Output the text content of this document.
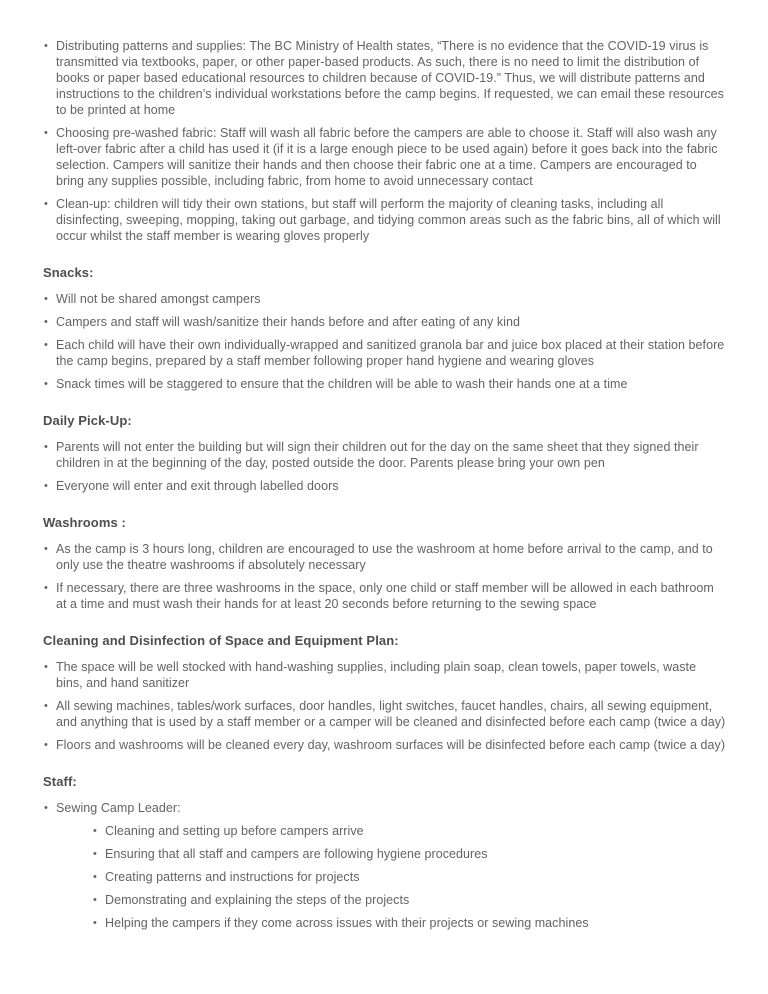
• Distributing patterns and supplies: The BC Ministry of Health states, “There is no evidence that the COVID-19 virus is transmitted via textbooks, paper, or other paper-based products. As such, there is no need to limit the distribution of books or paper based educational resources to children because of COVID-19.” Thus, we will distribute patterns and instructions to the children’s individual workstations before the camp begins. If requested, we can email these resources to be printed at home
• Choosing pre-washed fabric: Staff will wash all fabric before the campers are able to choose it. Staff will also wash any left-over fabric after a child has used it (if it is a large enough piece to be used again) before it goes back into the fabric selection. Campers will sanitize their hands and then choose their fabric one at a time. Campers are encouraged to bring any supplies possible, including fabric, from home to avoid unnecessary contact
• Clean-up: children will tidy their own stations, but staff will perform the majority of cleaning tasks, including all disinfecting, sweeping, mopping, taking out garbage, and tidying common areas such as the fabric bins, all of which will occur whilst the staff member is wearing gloves properly
Snacks:
• Will not be shared amongst campers
• Campers and staff will wash/sanitize their hands before and after eating of any kind
• Each child will have their own individually-wrapped and sanitized granola bar and juice box placed at their station before the camp begins, prepared by a staff member following proper hand hygiene and wearing gloves
• Snack times will be staggered to ensure that the children will be able to wash their hands one at a time
Daily Pick-Up:
• Parents will not enter the building but will sign their children out for the day on the same sheet that they signed their children in at the beginning of the day, posted outside the door. Parents please bring your own pen
• Everyone will enter and exit through labelled doors
Washrooms :
• As the camp is 3 hours long, children are encouraged to use the washroom at home before arrival to the camp, and to only use the theatre washrooms if absolutely necessary
• If necessary, there are three washrooms in the space, only one child or staff member will be allowed in each bathroom at a time and must wash their hands for at least 20 seconds before returning to the sewing space
Cleaning and Disinfection of Space and Equipment Plan:
• The space will be well stocked with hand-washing supplies, including plain soap, clean towels, paper towels, waste bins, and hand sanitizer
• All sewing machines, tables/work surfaces, door handles, light switches, faucet handles, chairs, all sewing equipment, and anything that is used by a staff member or a camper will be cleaned and disinfected before each camp (twice a day)
• Floors and washrooms will be cleaned every day, washroom surfaces will be disinfected before each camp (twice a day)
Staff:
• Sewing Camp Leader:
• Cleaning and setting up before campers arrive
• Ensuring that all staff and campers are following hygiene procedures
• Creating patterns and instructions for projects
• Demonstrating and explaining the steps of the projects
• Helping the campers if they come across issues with their projects or sewing machines
